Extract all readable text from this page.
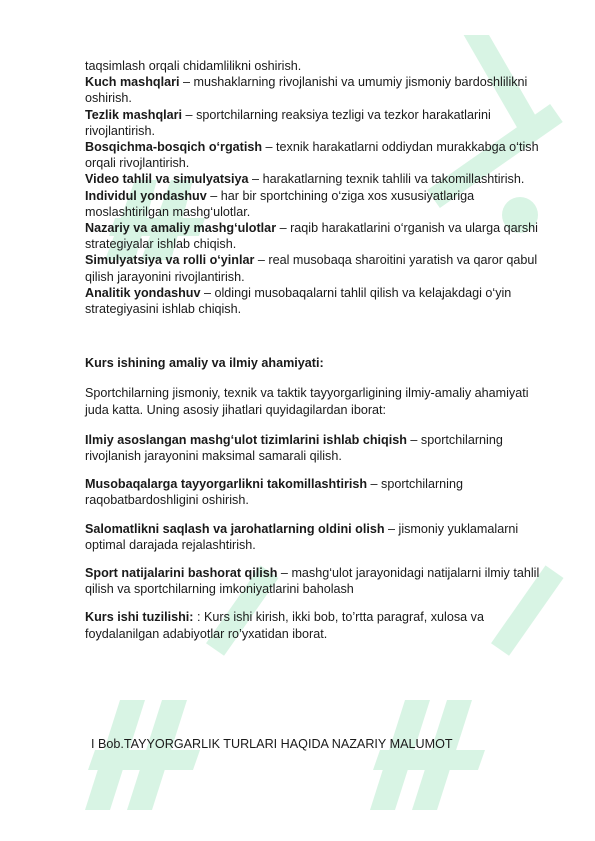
taqsimlash orqali chidamlilikni oshirish.

Kuch mashqlari – mushaklarning rivojlanishi va umumiy jismoniy bardoshlilikni oshirish.

Tezlik mashqlari – sportchilarning reaksiya tezligi va tezkor harakatlarini rivojlantirish.

Bosqichma-bosqich o‘rgatish – texnik harakatlarni oddiydan murakkabga o‘tish orqali rivojlantirish.

Video tahlil va simulyatsiya – harakatlarning texnik tahlili va takomillashtirish.

Individul yondashuv – har bir sportchining o‘ziga xos xususiyatlariga moslashtirilgan mashg‘ulotlar.

Nazariy va amaliy mashg‘ulotlar – raqib harakatlarini o‘rganish va ularga qarshi strategiyalar ishlab chiqish.

Simulyatsiya va rolli o‘yinlar – real musobaqa sharoitini yaratish va qaror qabul qilish jarayonini rivojlantirish.

Analitik yondashuv – oldingi musobaqalarni tahlil qilish va kelajakdagi o‘yin strategiyasini ishlab chiqish.

Kurs ishining amaliy va ilmiy ahamiyati:

Sportchilarning jismoniy, texnik va taktik tayyorgarligining ilmiy-amaliy ahamiyati juda katta. Uning asosiy jihatlari quyidagilardan iborat:

Ilmiy asoslangan mashg‘ulot tizimlarini ishlab chiqish – sportchilarning rivojlanish jarayonini maksimal samarali qilish.

Musobaqalarga tayyorgarlikni takomillashtirish – sportchilarning raqobatbardoshligini oshirish.

Salomatlikni saqlash va jarohatlarning oldini olish – jismoniy yuklamalarni optimal darajada rejalashtirish.

Sport natijalarini bashorat qilish – mashg‘ulot jarayonidagi natijalarni ilmiy tahlil qilish va sportchilarning imkoniyatlarini baholash

Kurs ishi tuzilishi: : Kurs ishi kirish, ikki bob, to’rtta paragraf, xulosa va foydalanilgan adabiyotlar ro’yxatidan iborat.

I Bob.TAYYORGARLIK TURLARI HAQIDA NAZARIY MALUMOT
